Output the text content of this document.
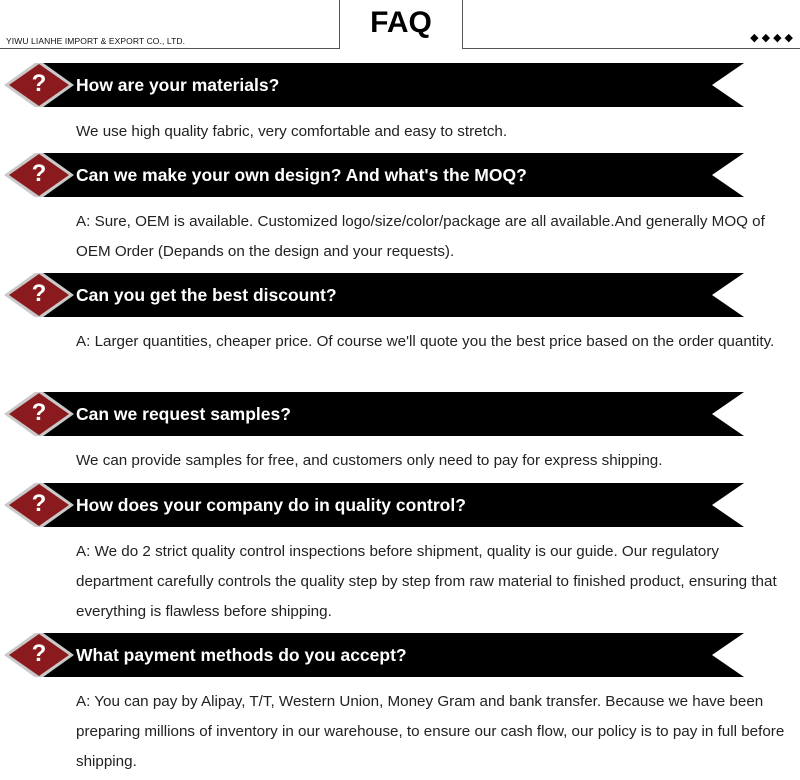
YIWU LIANHE IMPORT & EXPORT CO., LTD.
FAQ	◆◆◆◆
?	How are your materials?

We use high quality fabric, very comfortable and easy to stretch.

?	Can we make your own design? And what's the MOQ?

A: Sure, OEM is available. Customized logo/size/color/package are all available.And generally MOQ of OEM Order (Depands on the design and your requests).

?	Can you get the best discount?

A: Larger quantities, cheaper price. Of course we'll quote you the best price based on the order quantity.

?	Can we request samples?

We can provide samples for free, and customers only need to pay for express shipping.

?	How does your company do in quality control?

A: We do 2 strict quality control inspections before shipment, quality is our guide. Our regulatory department carefully controls the quality step by step from raw material to finished product, ensuring that everything is flawless before shipping.

?	What payment methods do you accept?

A: You can pay by Alipay, T/T, Western Union, Money Gram and bank transfer. Because we have been preparing millions of inventory in our warehouse, to ensure our cash flow, our policy is to pay in full before shipping.
